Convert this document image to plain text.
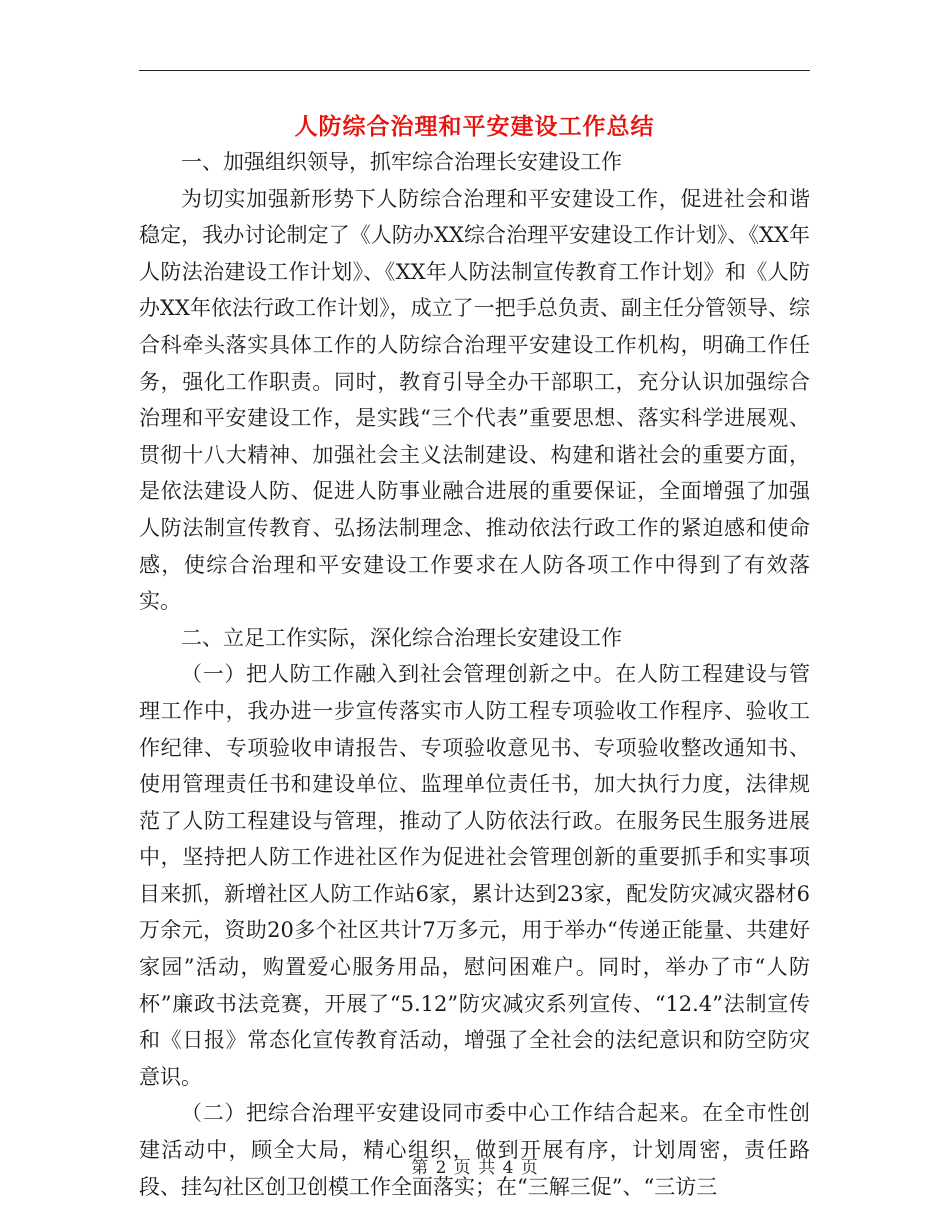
人防综合治理和平安建设工作总结

一、加强组织领导，抓牢综合治理长安建设工作

为切实加强新形势下人防综合治理和平安建设工作，促进社会和谐稳定，我办讨论制定了《人防办XX综合治理平安建设工作计划》、《XX年人防法治建设工作计划》、《XX年人防法制宣传教育工作计划》和《人防办XX年依法行政工作计划》，成立了一把手总负责、副主任分管领导、综合科牵头落实具体工作的人防综合治理平安建设工作机构，明确工作任务，强化工作职责。同时，教育引导全办干部职工，充分认识加强综合治理和平安建设工作，是实践“三个代表”重要思想、落实科学进展观、贯彻十八大精神、加强社会主义法制建设、构建和谐社会的重要方面，是依法建设人防、促进人防事业融合进展的重要保证，全面增强了加强人防法制宣传教育、弘扬法制理念、推动依法行政工作的紧迫感和使命感，使综合治理和平安建设工作要求在人防各项工作中得到了有效落实。

二、立足工作实际，深化综合治理长安建设工作

（一）把人防工作融入到社会管理创新之中。在人防工程建设与管理工作中，我办进一步宣传落实市人防工程专项验收工作程序、验收工作纪律、专项验收申请报告、专项验收意见书、专项验收整改通知书、使用管理责任书和建设单位、监理单位责任书，加大执行力度，法律规范了人防工程建设与管理，推动了人防依法行政。在服务民生服务进展中，坚持把人防工作进社区作为促进社会管理创新的重要抓手和实事项目来抓，新增社区人防工作站6家，累计达到23家，配发防灾减灾器材6万余元，资助20多个社区共计7万多元，用于举办“传递正能量、共建好家园”活动，购置爱心服务用品，慰问困难户。同时，举办了市“人防杯”廉政书法竞赛，开展了“5.12”防灾减灾系列宣传、“12.4”法制宣传和《日报》常态化宣传教育活动，增强了全社会的法纪意识和防空防灾意识。

（二）把综合治理平安建设同市委中心工作结合起来。在全市性创建活动中，顾全大局，精心组织，做到开展有序，计划周密，责任路段、挂勾社区创卫创模工作全面落实；在“三解三促”、“三访三

第 2 页 共 4 页
